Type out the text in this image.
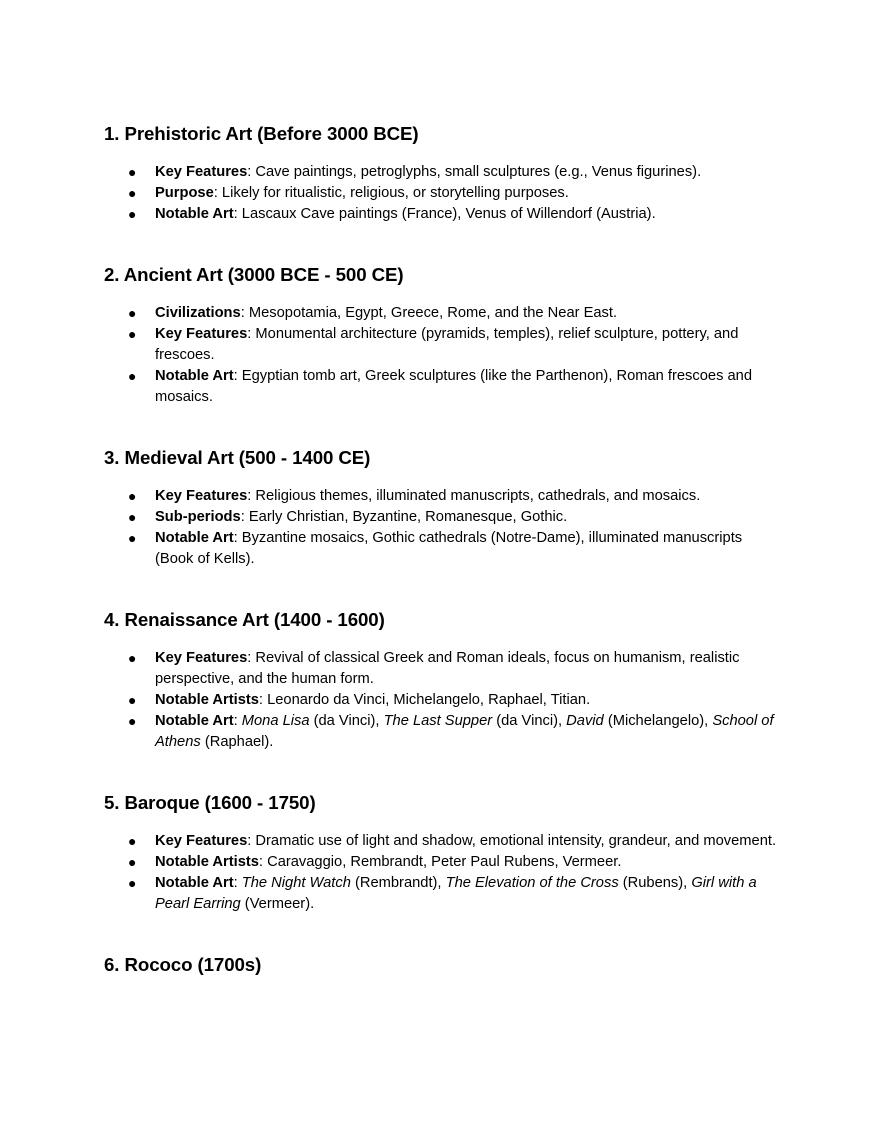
1. Prehistoric Art (Before 3000 BCE)
● Key Features: Cave paintings, petroglyphs, small sculptures (e.g., Venus figurines).
● Purpose: Likely for ritualistic, religious, or storytelling purposes.
● Notable Art: Lascaux Cave paintings (France), Venus of Willendorf (Austria).
2. Ancient Art (3000 BCE - 500 CE)
● Civilizations: Mesopotamia, Egypt, Greece, Rome, and the Near East.
● Key Features: Monumental architecture (pyramids, temples), relief sculpture, pottery, and frescoes.
● Notable Art: Egyptian tomb art, Greek sculptures (like the Parthenon), Roman frescoes and mosaics.
3. Medieval Art (500 - 1400 CE)
● Key Features: Religious themes, illuminated manuscripts, cathedrals, and mosaics.
● Sub-periods: Early Christian, Byzantine, Romanesque, Gothic.
● Notable Art: Byzantine mosaics, Gothic cathedrals (Notre-Dame), illuminated manuscripts (Book of Kells).
4. Renaissance Art (1400 - 1600)
● Key Features: Revival of classical Greek and Roman ideals, focus on humanism, realistic perspective, and the human form.
● Notable Artists: Leonardo da Vinci, Michelangelo, Raphael, Titian.
● Notable Art: Mona Lisa (da Vinci), The Last Supper (da Vinci), David (Michelangelo), School of Athens (Raphael).
5. Baroque (1600 - 1750)
● Key Features: Dramatic use of light and shadow, emotional intensity, grandeur, and movement.
● Notable Artists: Caravaggio, Rembrandt, Peter Paul Rubens, Vermeer.
● Notable Art: The Night Watch (Rembrandt), The Elevation of the Cross (Rubens), Girl with a Pearl Earring (Vermeer).
6. Rococo (1700s)
